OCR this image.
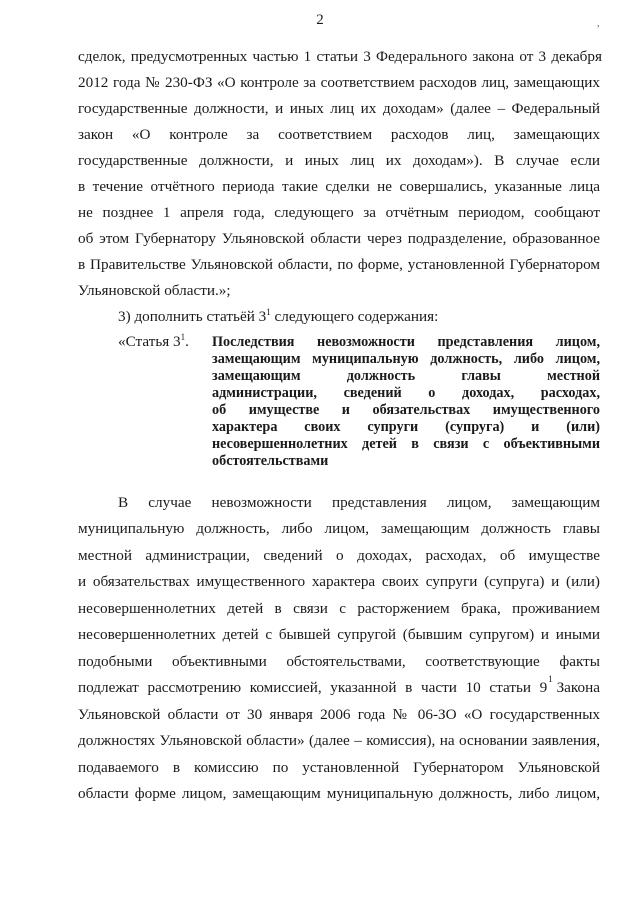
2	,
сделок, предусмотренных частью 1 статьи 3 Федерального закона от 3 декабря
2012 года № 230-ФЗ «О контроле за соответствием расходов лиц, замещающих
государственные должности, и иных лиц их доходам» (далее – Федеральный
закон «О контроле за соответствием расходов лиц, замещающих
государственные должности, и иных лиц их доходам»). В случае если
в течение отчётного периода такие сделки не совершались, указанные лица
не позднее 1 апреля года, следующего за отчётным периодом, сообщают
об этом Губернатору Ульяновской области через подразделение, образованное
в Правительстве Ульяновской области, по форме, установленной Губернатором
Ульяновской области.»;
3) дополнить статьёй $3^1$ следующего содержания:
«Статья $3^1$. Последствия невозможности представления лицом,
замещающим муниципальную должность, либо лицом,
замещающим должность главы местной
администрации, сведений о доходах, расходах,
об имуществе и обязательствах имущественного
характера своих супруги (супруга) и (или)
несовершеннолетних детей в связи с объективными
обстоятельствами
В случае невозможности представления лицом, замещающим
муниципальную должность, либо лицом, замещающим должность главы
местной администрации, сведений о доходах, расходах, об имуществе
и обязательствах имущественного характера своих супруги (супруга) и (или)
несовершеннолетних детей в связи с расторжением брака, проживанием
несовершеннолетних детей с бывшей супругой (бывшим супругом) и иными
подобными объективными обстоятельствами, соответствующие факты
подлежат рассмотрению комиссией, указанной в части 10 статьи 9 1 Закона
Ульяновской области от 30 января 2006 года № 06-ЗО «О государственных
должностях Ульяновской области» (далее – комиссия), на основании заявления,
подаваемого в комиссию по установленной Губернатором Ульяновской
области форме лицом, замещающим муниципальную должность, либо лицом,
